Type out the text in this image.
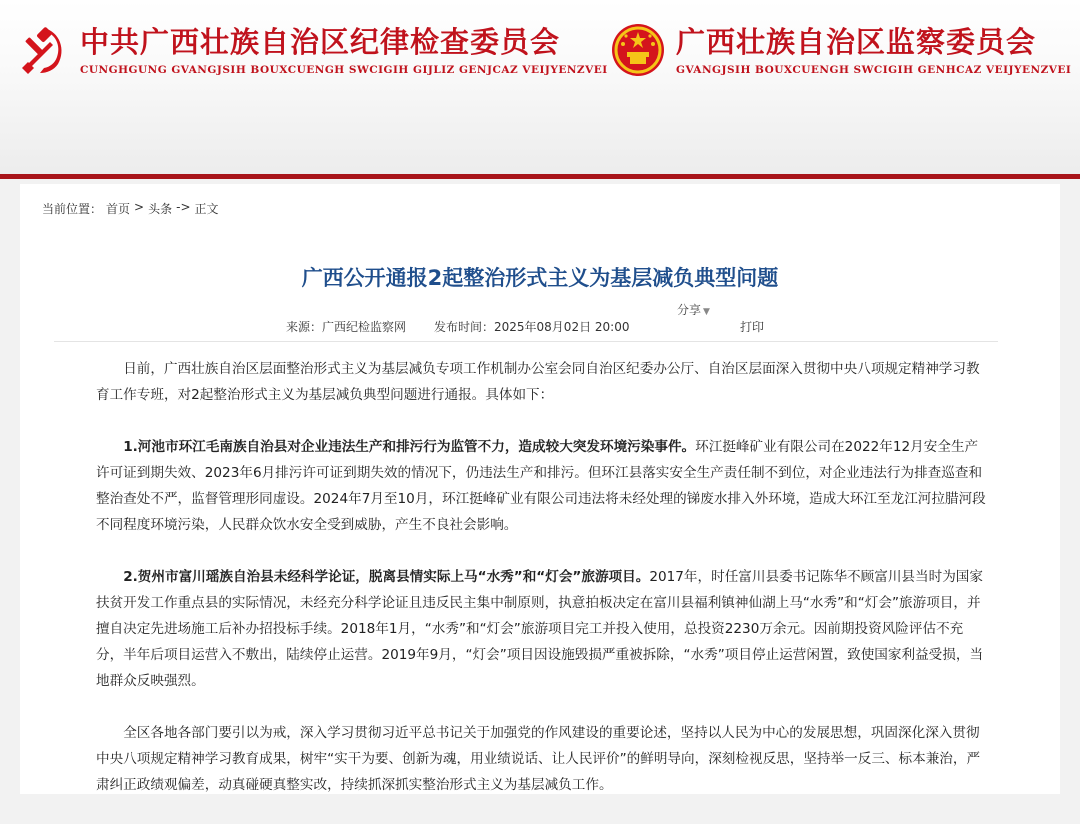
中共广西壮族自治区纪律检查委员会
CUNGHGUNG GVANGJSIH BOUXCUENGH SWCIGIH GIJLIZ GENJCAZ VEIJYENZVEI
广西壮族自治区监察委员会
GVANGJSIH BOUXCUENGH SWCIGIH GENHCAZ VEIJYENZVEI
当前位置： 首页 > 头条 -> 正文
广西公开通报2起整治形式主义为基层减负典型问题
分享 ▼
来源：广西纪检监察网 发布时间：2025年08月02日 20:00	打印

日前，广西壮族自治区层面整治形式主义为基层减负专项工作机制办公室会同自治区纪委办公厅、自治区层面深入贯彻中央八项规定精神学习教育工作专班，对2起整治形式主义为基层减负典型问题进行通报。具体如下：

1.河池市环江毛南族自治县对企业违法生产和排污行为监管不力，造成较大突发环境污染事件。环江挺峰矿业有限公司在2022年12月安全生产许可证到期失效、2023年6月排污许可证到期失效的情况下，仍违法生产和排污。但环江县落实安全生产责任制不到位，对企业违法行为排查巡查和整治查处不严，监督管理形同虚设。2024年7月至10月，环江挺峰矿业有限公司违法将未经处理的锑废水排入外环境，造成大环江至龙江河拉腊河段不同程度环境污染，人民群众饮水安全受到威胁，产生不良社会影响。

2.贺州市富川瑶族自治县未经科学论证，脱离县情实际上马“水秀”和“灯会”旅游项目。2017年，时任富川县委书记陈华不顾富川县当时为国家扶贫开发工作重点县的实际情况，未经充分科学论证且违反民主集中制原则，执意拍板决定在富川县福利镇神仙湖上马“水秀”和“灯会”旅游项目，并擅自决定先进场施工后补办招投标手续。2018年1月，“水秀”和“灯会”旅游项目完工并投入使用，总投资2230万余元。因前期投资风险评估不充分，半年后项目运营入不敷出，陆续停止运营。2019年9月，“灯会”项目因设施毁损严重被拆除，“水秀”项目停止运营闲置，致使国家利益受损，当地群众反映强烈。

全区各地各部门要引以为戒，深入学习贯彻习近平总书记关于加强党的作风建设的重要论述，坚持以人民为中心的发展思想，巩固深化深入贯彻中央八项规定精神学习教育成果，树牢“实干为要、创新为魂，用业绩说话、让人民评价”的鲜明导向，深刻检视反思，坚持举一反三、标本兼治，严肃纠正政绩观偏差，动真碰硬真整实改，持续抓深抓实整治形式主义为基层减负工作。
